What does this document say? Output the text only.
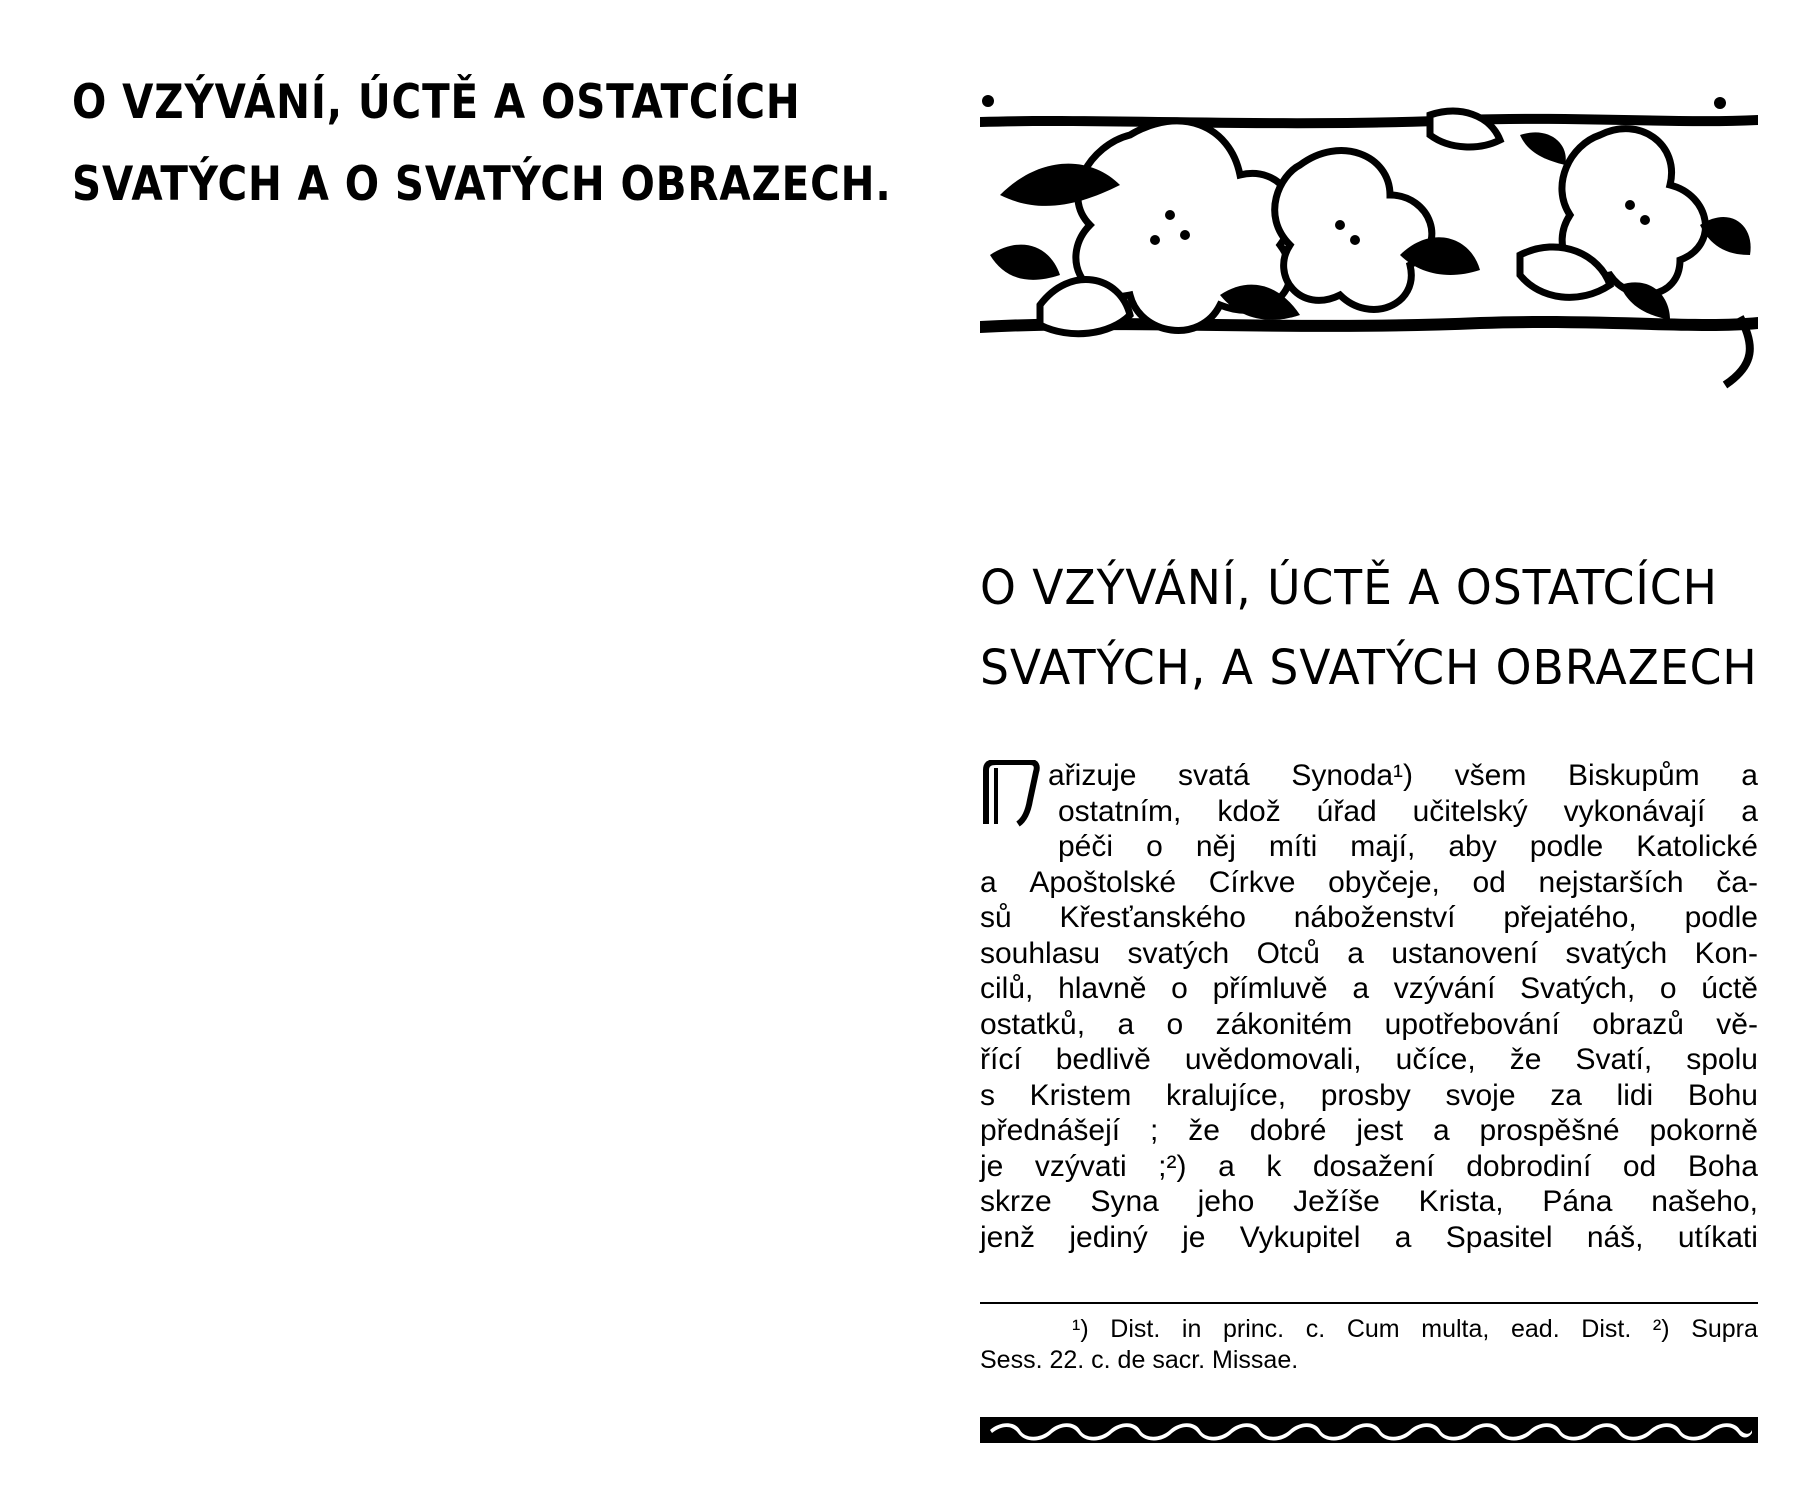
O VZÝVÁNÍ, ÚCTĚ A OSTATCÍCH
SVATÝCH A O SVATÝCH OBRAZECH.
O VZÝVÁNÍ, ÚCTĚ A OSTATCÍCH
SVATÝCH, A SVATÝCH OBRAZECH
ařizuje svatá Synoda¹) všem Biskupům a
ostatním, kdož úřad učitelský vykonávají a
péči o něj míti mají, aby podle Katolické
a Apoštolské Církve obyčeje, od nejstarších ča-
sů Křesťanského náboženství přejatého, podle
souhlasu svatých Otců a ustanovení svatých Kon-
cilů, hlavně o přímluvě a vzývání Svatých, o úctě
ostatků, a o zákonitém upotřebování obrazů vě-
řící bedlivě uvědomovali, učíce, že Svatí, spolu
s Kristem kralujíce, prosby svoje za lidi Bohu
přednášejí ; že dobré jest a prospěšné pokorně
je vzývati ;²) a k dosažení dobrodiní od Boha
skrze Syna jeho Ježíše Krista, Pána našeho,
jenž jediný je Vykupitel a Spasitel náš, utíkati
¹) Dist. in princ. c. Cum multa, ead. Dist. ²) Supra
Sess. 22. c. de sacr. Missae.
